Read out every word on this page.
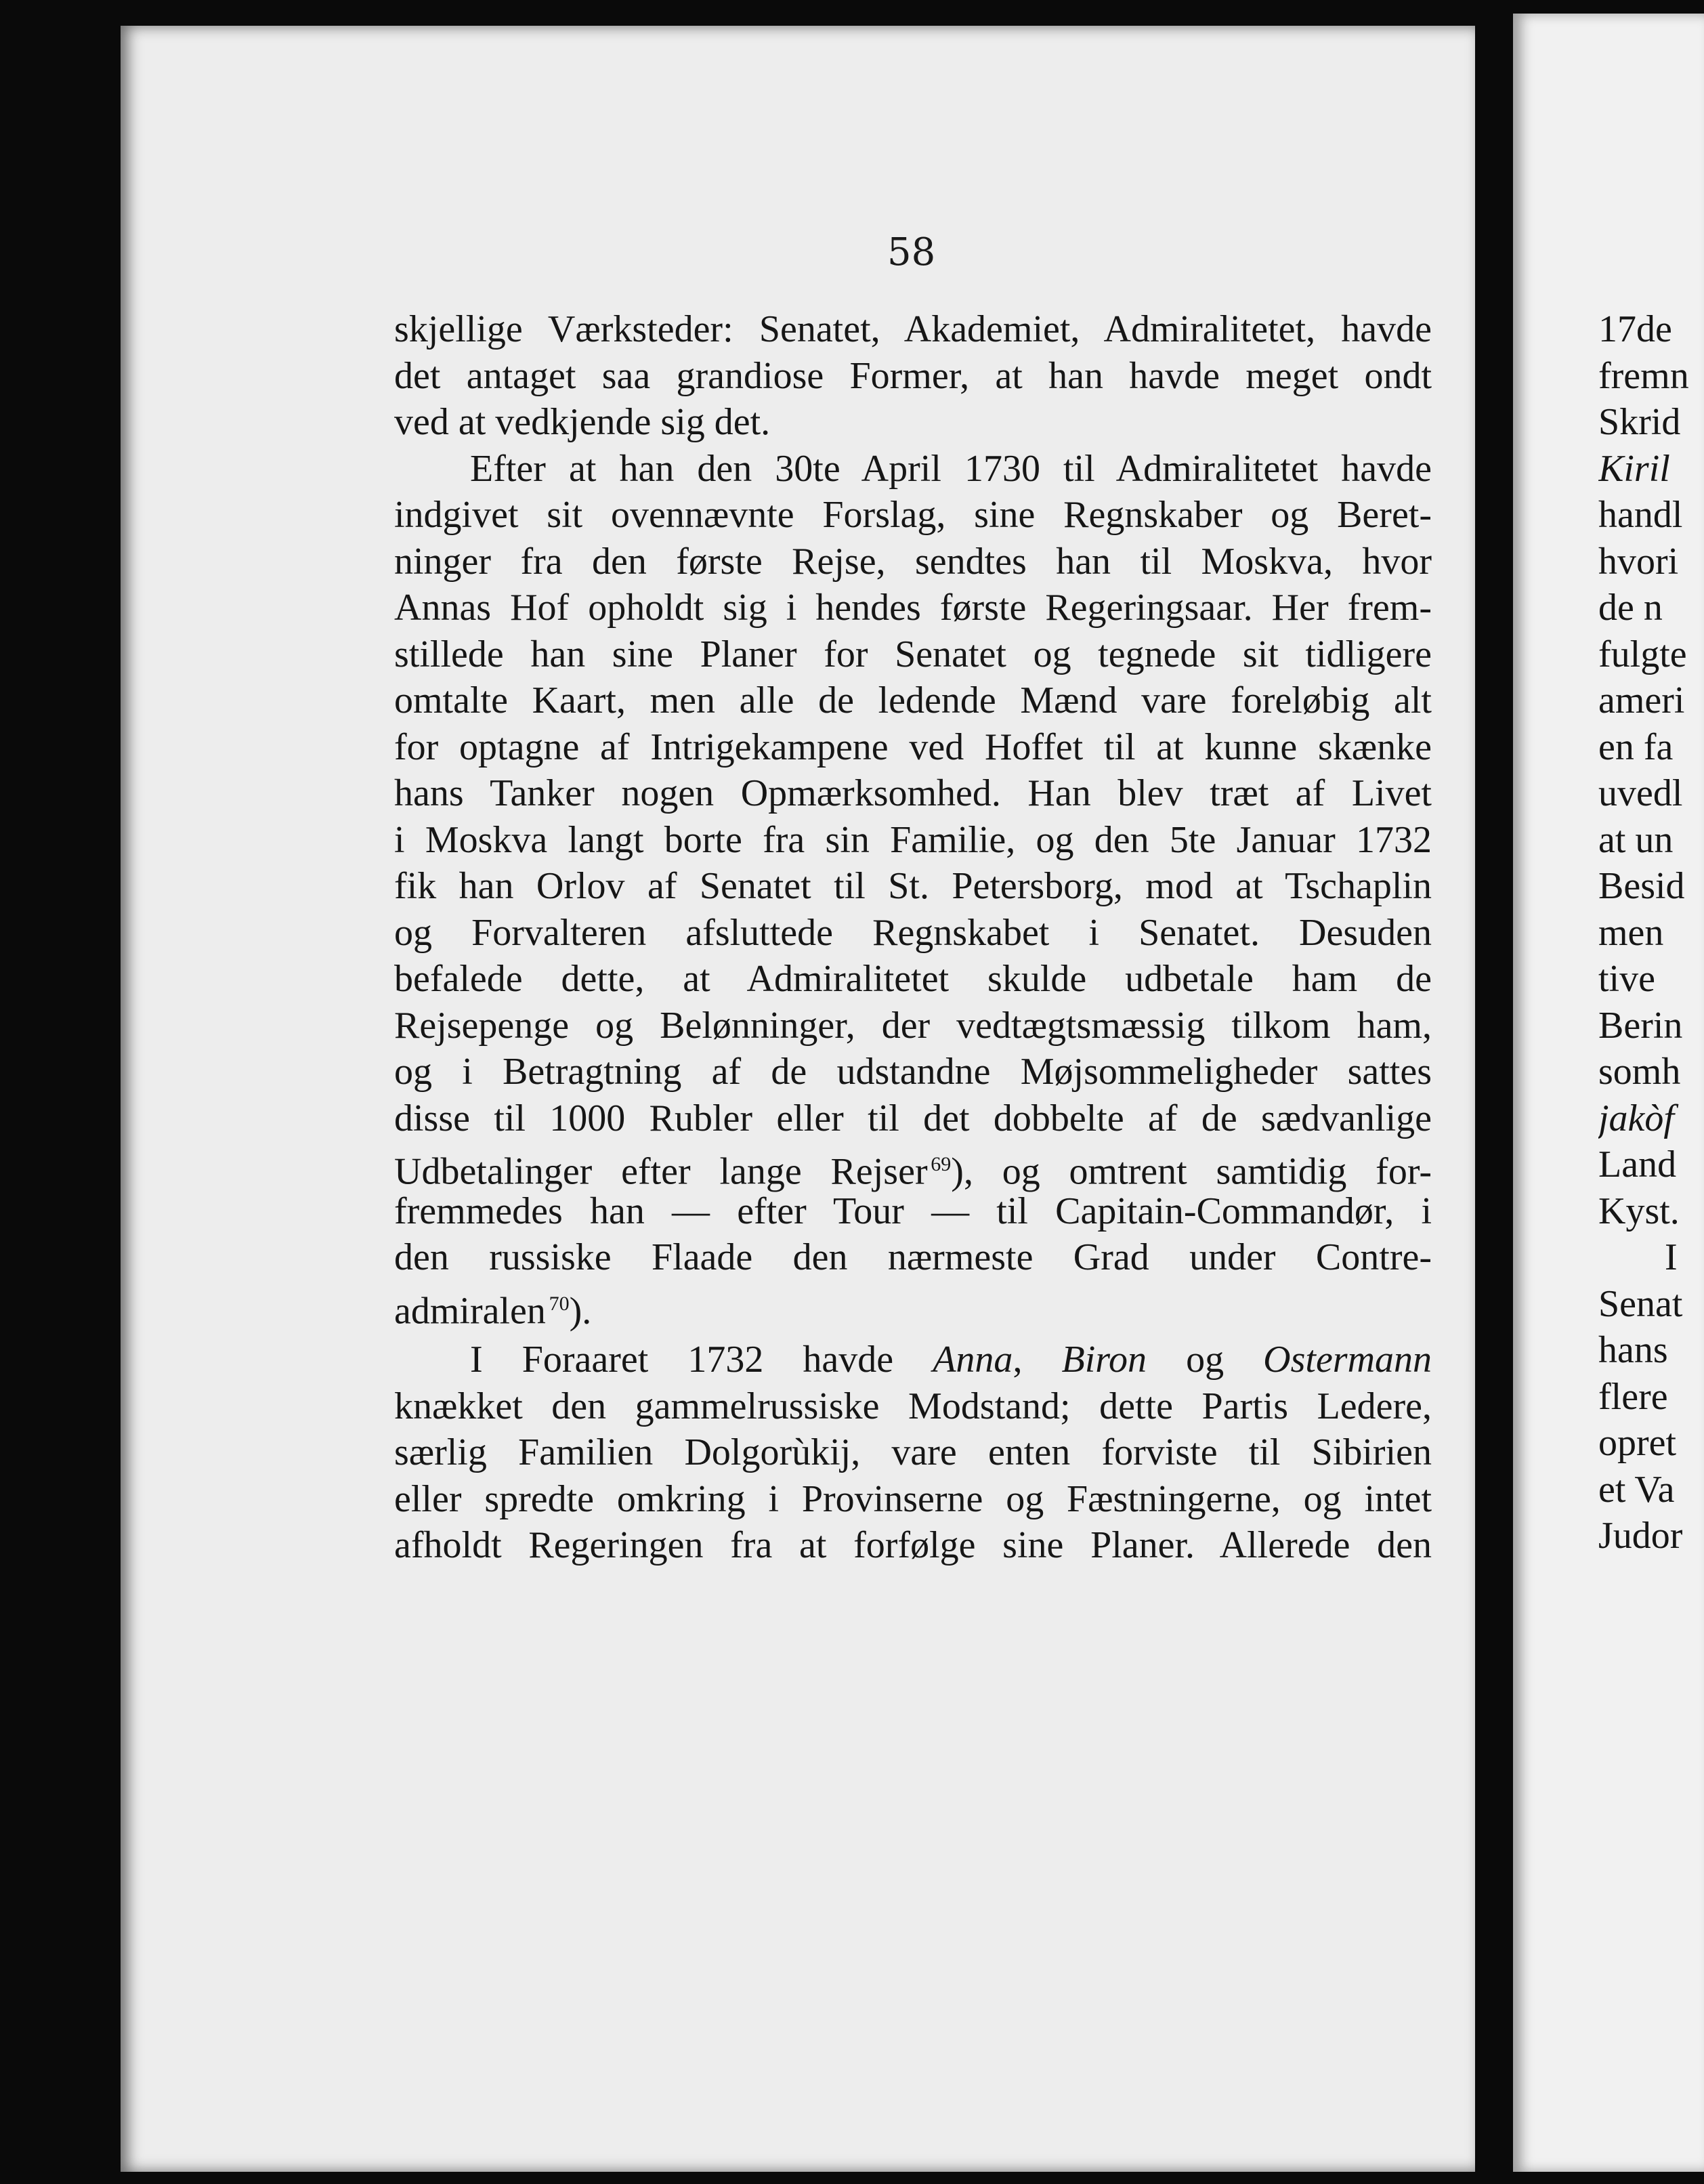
58
skjellige Værksteder: Senatet, Akademiet, Admiralitetet, havde
det antaget saa grandiose Former, at han havde meget ondt
ved at vedkjende sig det.
Efter at han den 30te April 1730 til Admiralitetet havde
indgivet sit ovennævnte Forslag, sine Regnskaber og Beret-
ninger fra den første Rejse, sendtes han til Moskva, hvor
Annas Hof opholdt sig i hendes første Regeringsaar. Her frem-
stillede han sine Planer for Senatet og tegnede sit tidligere
omtalte Kaart, men alle de ledende Mænd vare foreløbig alt
for optagne af Intrigekampene ved Hoffet til at kunne skænke
hans Tanker nogen Opmærksomhed. Han blev træt af Livet
i Moskva langt borte fra sin Familie, og den 5te Januar 1732
fik han Orlov af Senatet til St. Petersborg, mod at Tschaplin
og Forvalteren afsluttede Regnskabet i Senatet. Desuden
befalede dette, at Admiralitetet skulde udbetale ham de
Rejsepenge og Belønninger, der vedtægtsmæssig tilkom ham,
og i Betragtning af de udstandne Møjsommeligheder sattes
disse til 1000 Rubler eller til det dobbelte af de sædvanlige
Udbetalinger efter lange Rejser  $^{69}$), og omtrent samtidig for-
fremmedes han — efter Tour — til Capitain-Commandør, i
den russiske Flaade den nærmeste Grad under Contre-
admiralen  $^{70}$).
I Foraaret 1732 havde Anna, Biron og Ostermann
knækket den gammelrussiske Modstand; dette Partis Ledere,
særlig Familien Dolgorùkij, vare enten forviste til Sibirien
eller spredte omkring i Provinserne og Fæstningerne, og intet
afholdt Regeringen fra at forfølge sine Planer. Allerede den
17de
fremn
Skrid
Kiril
handl
hvori
de n
fulgte
ameri
en fa
uvedl
at un
Besid
men
tive
Berin
somh
jakòf
Land
Kyst.
I
Senat
hans
flere
opret
et Va
Judor
